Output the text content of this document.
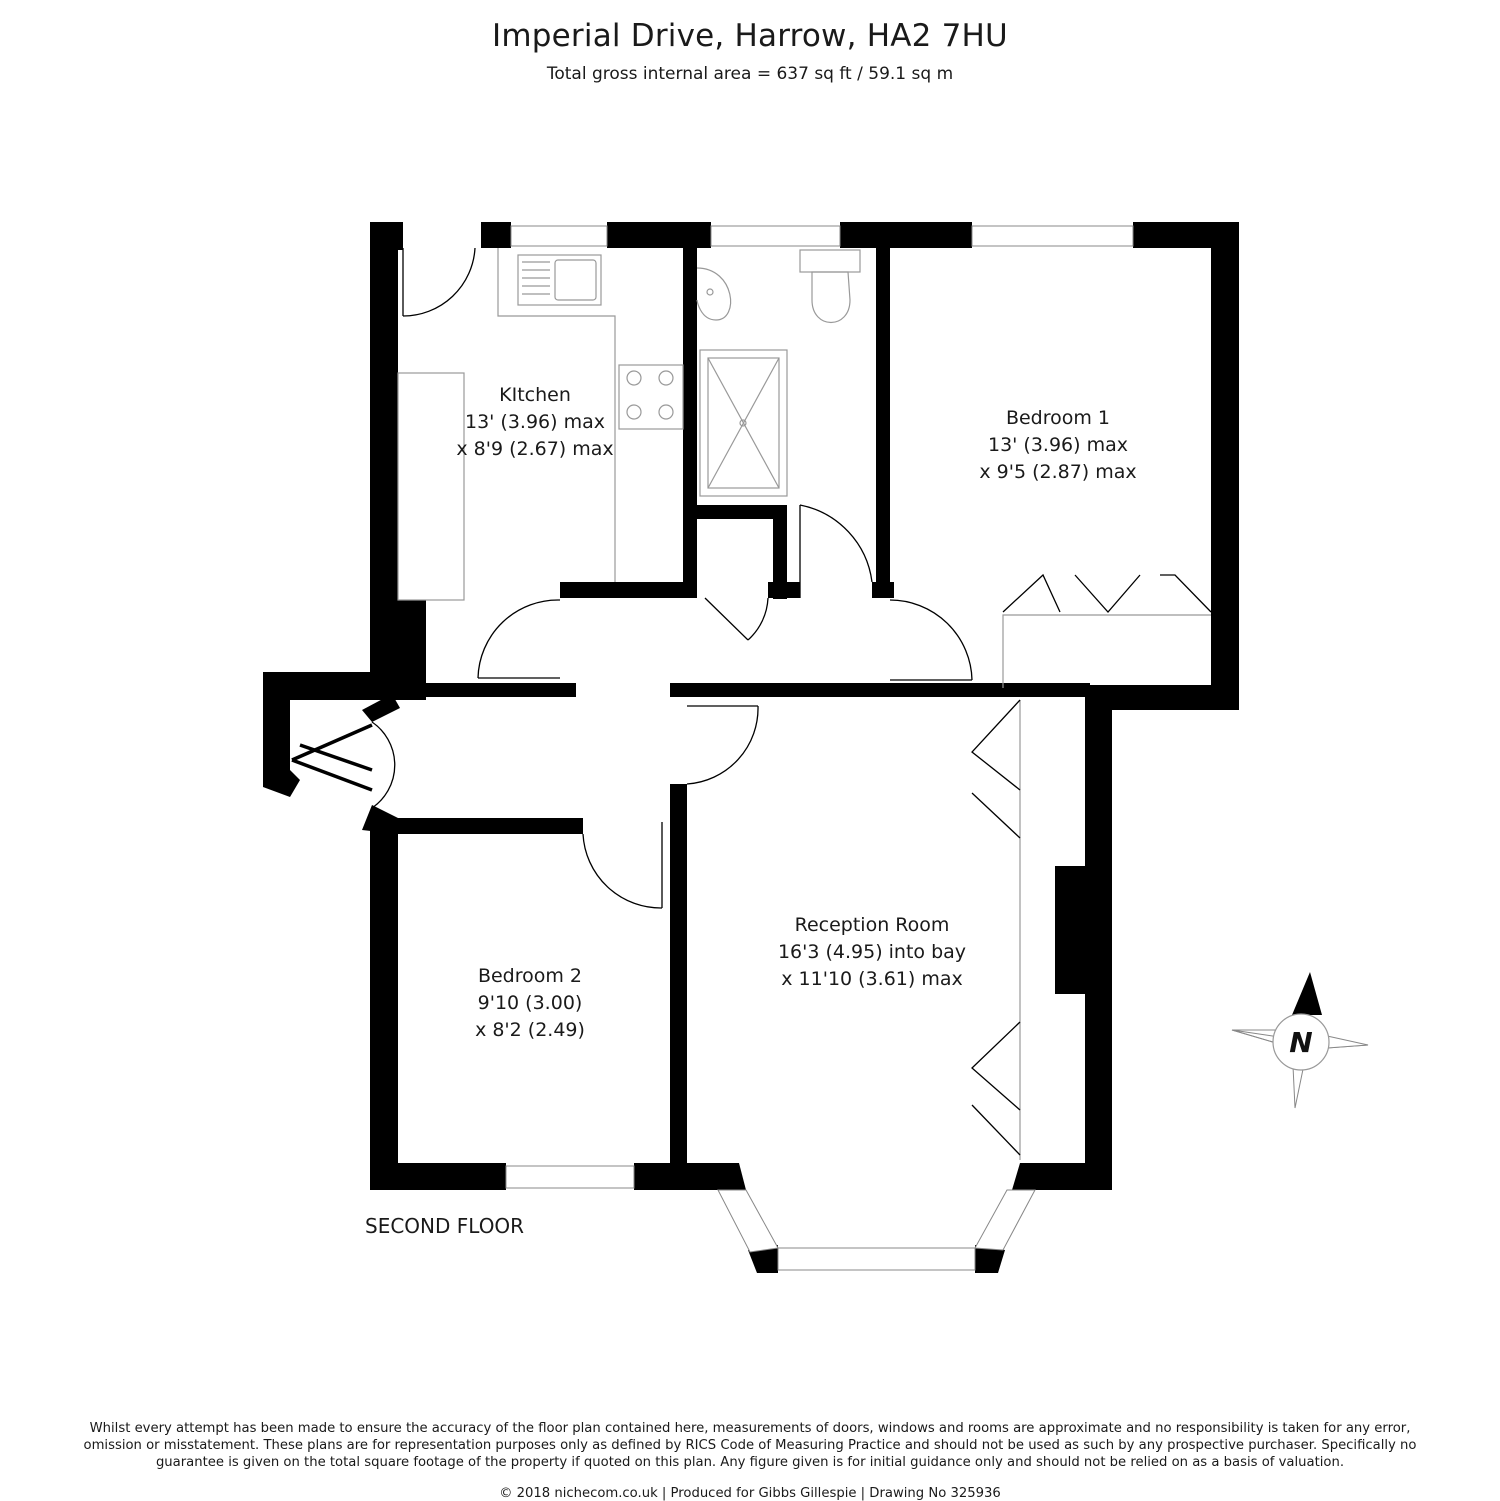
Imperial Drive, Harrow, HA2 7HU
Total gross internal area = 637 sq ft / 59.1 sq m
KItchen
13' (3.96) max
x 8'9 (2.67) max
Bedroom 1
13' (3.96) max
x 9'5 (2.87) max
Reception Room
16'3 (4.95) into bay
x 11'10 (3.61) max
Bedroom 2
9'10 (3.00)
x 8'2 (2.49)
SECOND FLOOR
N
Whilst every attempt has been made to ensure the accuracy of the floor plan contained here, measurements of doors, windows and rooms are approximate and no responsibility is taken for any error, omission or misstatement. These plans are for representation purposes only as defined by RICS Code of Measuring Practice and should not be used as such by any prospective purchaser. Specifically no guarantee is given on the total square footage of the property if quoted on this plan. Any figure given is for initial guidance only and should not be relied on as a basis of valuation.
© 2018 nichecom.co.uk | Produced for Gibbs Gillespie | Drawing No 325936
